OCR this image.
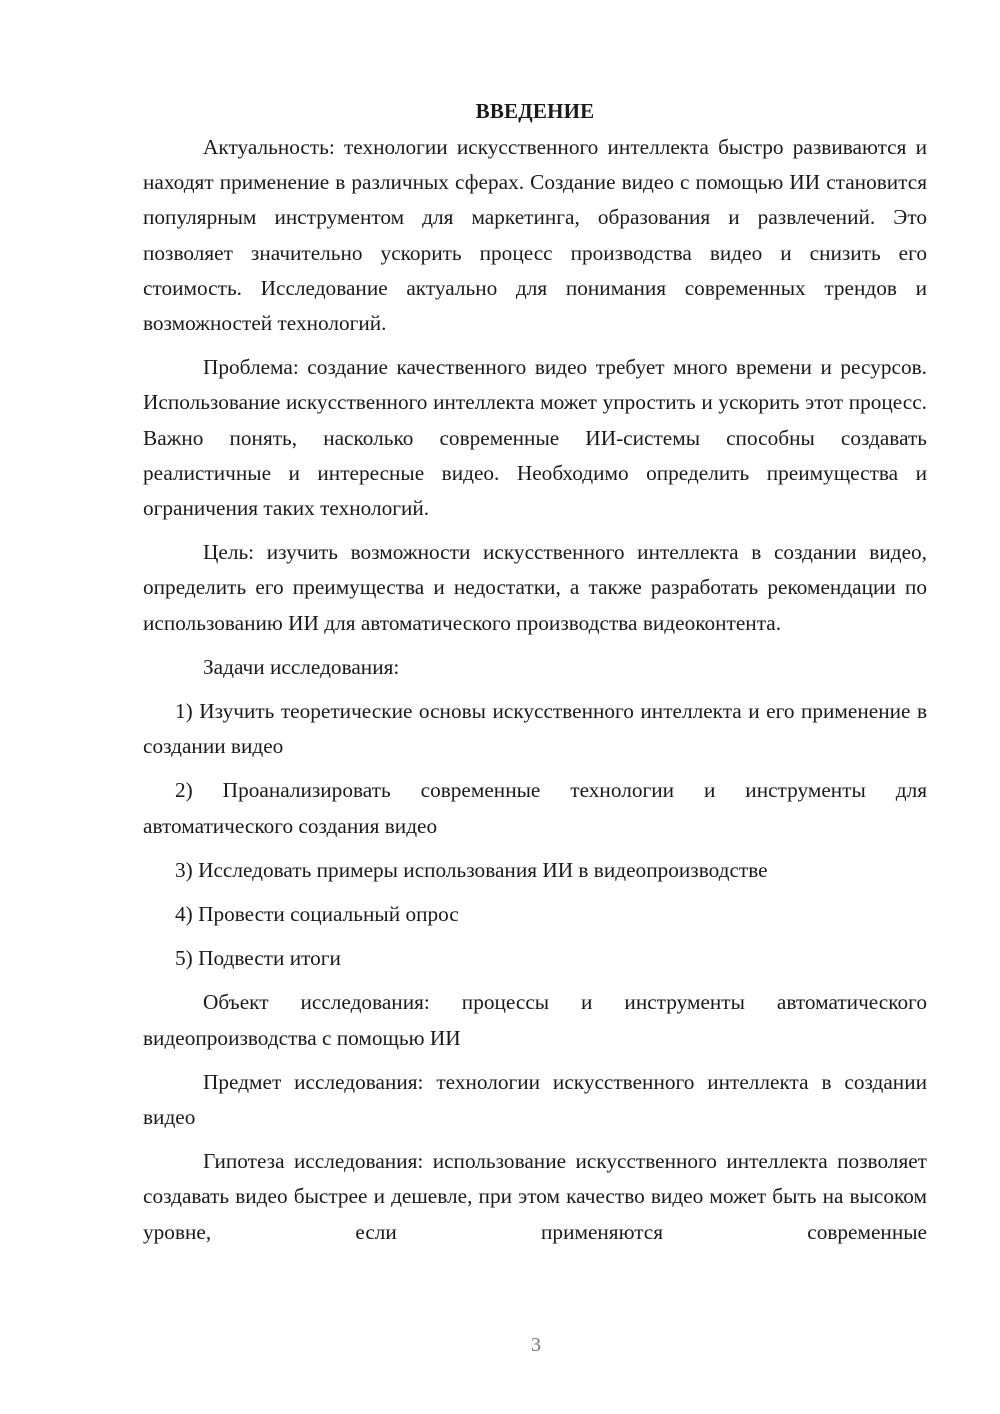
ВВЕДЕНИЕ

Актуальность: технологии искусственного интеллекта быстро развиваются и находят применение в различных сферах. Создание видео с помощью ИИ становится популярным инструментом для маркетинга, образования и развлечений. Это позволяет значительно ускорить процесс производства видео и снизить его стоимость. Исследование актуально для понимания современных трендов и возможностей технологий.

Проблема: создание качественного видео требует много времени и ресурсов. Использование искусственного интеллекта может упростить и ускорить этот процесс. Важно понять, насколько современные ИИ-системы способны создавать реалистичные и интересные видео. Необходимо определить преимущества и ограничения таких технологий.

Цель: изучить возможности искусственного интеллекта в создании видео, определить его преимущества и недостатки, а также разработать рекомендации по использованию ИИ для автоматического производства видеоконтента.

Задачи исследования:

1) Изучить теоретические основы искусственного интеллекта и его применение в создании видео

2) Проанализировать современные технологии и инструменты для автоматического создания видео

3) Исследовать примеры использования ИИ в видеопроизводстве

4) Провести социальный опрос

5) Подвести итоги

Объект исследования: процессы и инструменты автоматического видеопроизводства с помощью ИИ

Предмет исследования: технологии искусственного интеллекта в создании видео

Гипотеза исследования: использование искусственного интеллекта позволяет создавать видео быстрее и дешевле, при этом качество видео может быть на высоком уровне, если применяются современные

3
